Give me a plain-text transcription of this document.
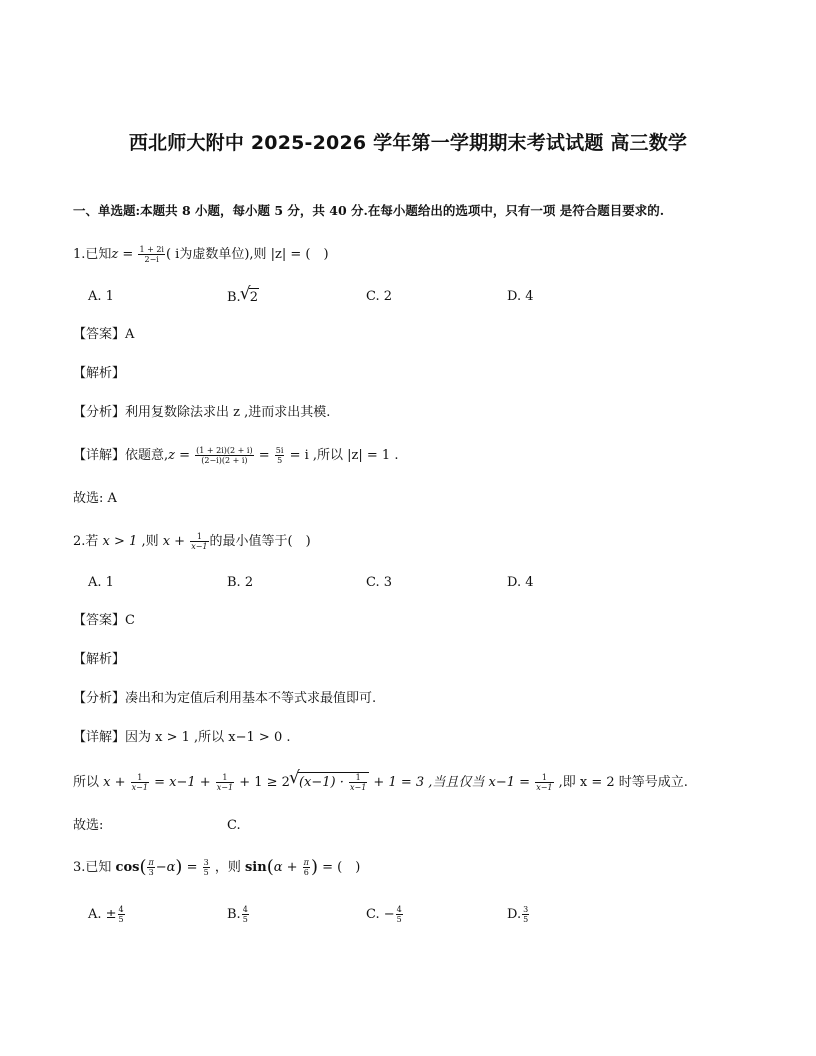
西北师大附中 2025-2026 学年第一学期期末考试试题 高三数学
一、单选题:本题共 8 小题，每小题 5 分，共 40 分.在每小题给出的选项中，只有一项 是符合题目要求的.
1.已知$z = \frac{1 + 2i}{2-i}$ ( i为虚数单位),则 |z| = (　)
A. 1	B.√ 2	C. 2	D. 4
【答案】A
【解析】
【分析】利用复数除法求出 z ,进而求出其模.
【详解】依题意$,z = \frac{(1 + 2i)(2 + i)}{(2-i)(2 + i)} = \frac{5i}{5} = i$ ,所以 |z| = 1 .
故选: A
2.若 x > 1 ,则 $x + \frac{1}{x-1}$ 的最小值等于(　)
A. 1	B. 2	C. 3	D. 4
【答案】C
【解析】
【分析】凑出和为定值后利用基本不等式求最值即可.
【详解】因为 x > 1 ,所以 x−1 > 0 .
所以 $x + \frac{1}{x-1} = x-1 + \frac{1}{x-1} + 1 \ge 2√$ $(x-1) \cdot \frac{1}{x-1} + 1 = 3$ ,当且仅当 $x-1 = \frac{1}{x-1}$ ,即 x = 2 时等号成立.
故选:	C.
3.已知 $\cos( \frac{\pi}{3} -\alpha) = \frac{3}{5}$ ，则 $\sin(\alpha + \frac{\pi}{6}$ ) = (　)
A. ± $\frac{4}{5}$	B. $\frac{4}{5}$	C. − $\frac{4}{5}$	D. $\frac{3}{5}$
